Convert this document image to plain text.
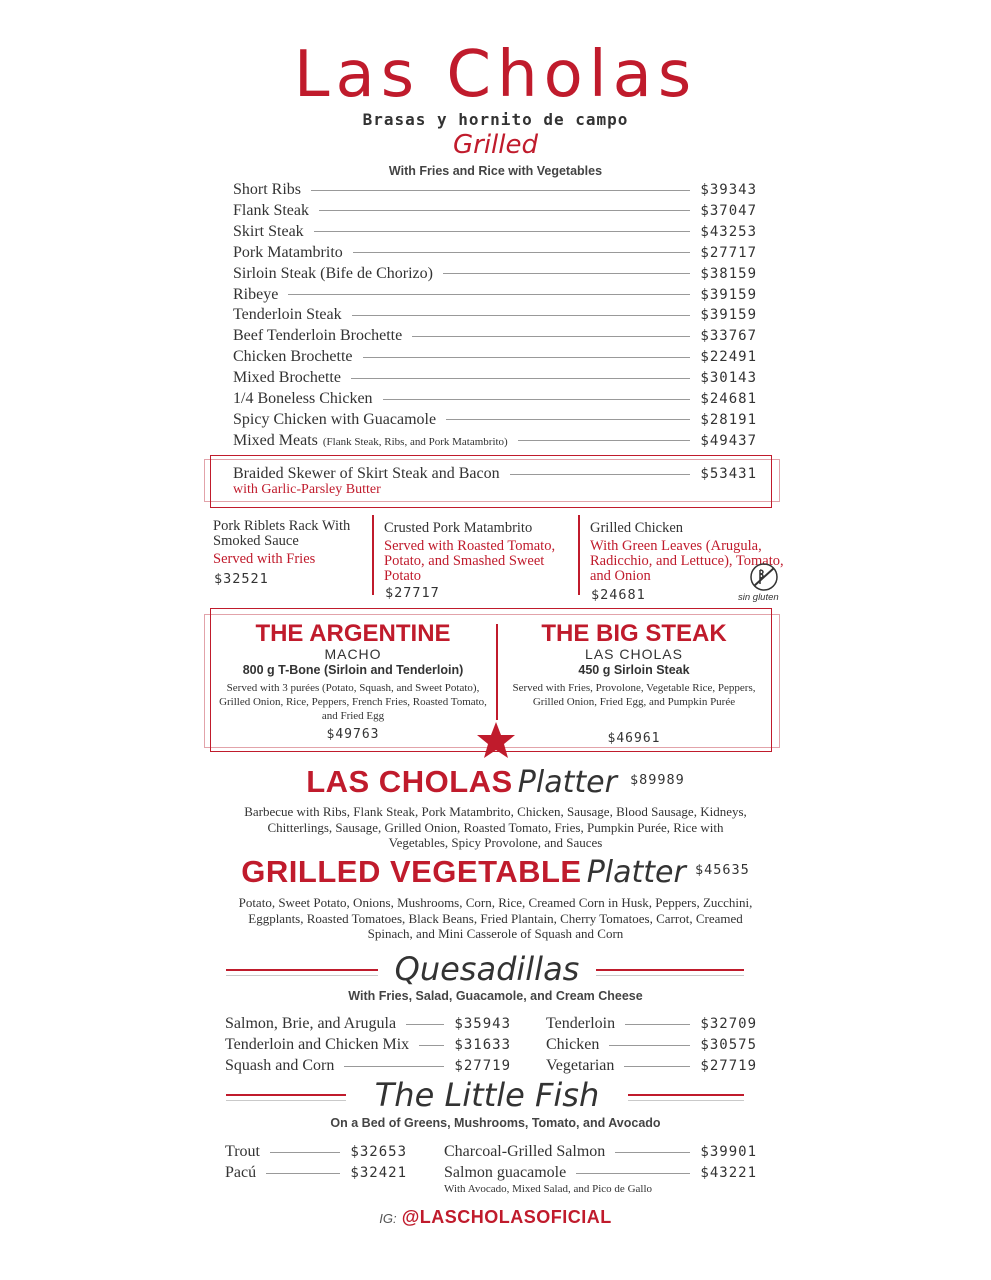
Las Cholas
Brasas y hornito de campo
Grilled
With Fries and Rice with Vegetables
Short Ribs	$39343
Flank Steak	$37047
Skirt Steak	$43253
Pork Matambrito	$27717
Sirloin Steak (Bife de Chorizo)	$38159
Ribeye	$39159
Tenderloin Steak	$39159
Beef Tenderloin Brochette	$33767
Chicken Brochette	$22491
Mixed Brochette	$30143
1/4 Boneless Chicken	$24681
Spicy Chicken with Guacamole	$28191
Mixed Meats (Flank Steak, Ribs, and Pork Matambrito)	$49437
Braided Skewer of Skirt Steak and Bacon	$53431
with Garlic-Parsley Butter
Pork Riblets Rack With Smoked Sauce
Served with Fries
$32521
Crusted Pork Matambrito
Served with Roasted Tomato, Potato, and Smashed Sweet Potato
$27717
Grilled Chicken
With Green Leaves (Arugula, Radicchio, and Lettuce), Tomato, and Onion
$24681	sin gluten
THE ARGENTINE
MACHO
800 g T-Bone (Sirloin and Tenderloin)
Served with 3 purées (Potato, Squash, and Sweet Potato), Grilled Onion, Rice, Peppers, French Fries, Roasted Tomato, and Fried Egg
$49763
THE BIG STEAK
LAS CHOLAS
450 g Sirloin Steak
Served with Fries, Provolone, Vegetable Rice, Peppers, Grilled Onion, Fried Egg, and Pumpkin Purée
$46961
LAS CHOLAS Platter $^{\$89989}$
Barbecue with Ribs, Flank Steak, Pork Matambrito, Chicken, Sausage, Blood Sausage, Kidneys, Chitterlings, Sausage, Grilled Onion, Roasted Tomato, Fries, Pumpkin Purée, Rice with Vegetables, Spicy Provolone, and Sauces
GRILLED VEGETABLE Platter $^{\$45635}$
Potato, Sweet Potato, Onions, Mushrooms, Corn, Rice, Creamed Corn in Husk, Peppers, Zucchini, Eggplants, Roasted Tomatoes, Black Beans, Fried Plantain, Cherry Tomatoes, Carrot, Creamed Spinach, and Mini Casserole of Squash and Corn
Quesadillas
With Fries, Salad, Guacamole, and Cream Cheese
Salmon, Brie, and Arugula	$35943
Tenderloin and Chicken Mix	$31633
Squash and Corn	$27719
Tenderloin	$32709
Chicken	$30575
Vegetarian	$27719
The Little Fish
On a Bed of Greens, Mushrooms, Tomato, and Avocado
Trout	$32653
Pacú	$32421
Charcoal-Grilled Salmon	$39901
Salmon guacamole	$43221
With Avocado, Mixed Salad, and Pico de Gallo
IG: @LASCHOLASOFICIAL
